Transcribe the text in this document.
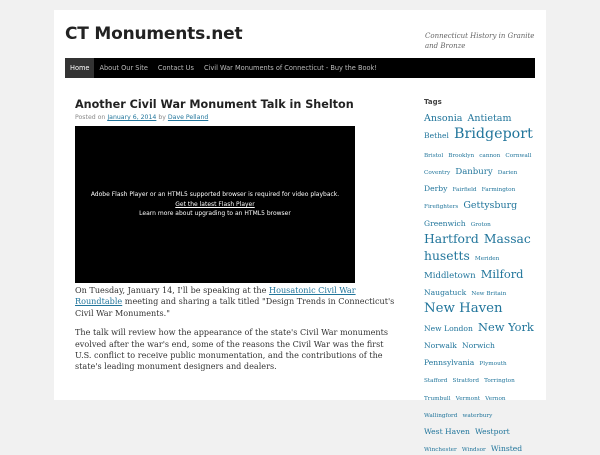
CT Monuments.net	Connecticut History in Granite and Bronze
Home	About Our Site	Contact Us	Civil War Monuments of Connecticut - Buy the Book!
Another Civil War Monument Talk in Shelton
Posted on January 6, 2014 by Dave Pelland
Adobe Flash Player or an HTML5 supported browser is required for video playback.
Get the latest Flash Player
Learn more about upgrading to an HTML5 browser

On Tuesday, January 14, I'll be speaking at the Housatonic Civil War Roundtable meeting and sharing a talk titled "Design Trends in Connecticut's Civil War Monuments."

The talk will review how the appearance of the state's Civil War monuments evolved after the war's end, some of the reasons the Civil War was the first U.S. conflict to receive public monumentation, and the contributions of the state's leading monument designers and dealers.

Tags
Ansonia Antietam Bethel Bridgeport Bristol Brooklyn cannon Cornwall Coventry Danbury Darien Derby Fairfield Farmington Firefighters Gettysburg Greenwich Groton Hartford Massachusetts Meriden Middletown Milford Naugatuck New Britain New Haven New London New York Norwalk Norwich Pennsylvania Plymouth Stafford Stratford Torrington Trumbull Vermont Vernon Wallingford waterbury West Haven Westport Winchester Windsor Winsted
